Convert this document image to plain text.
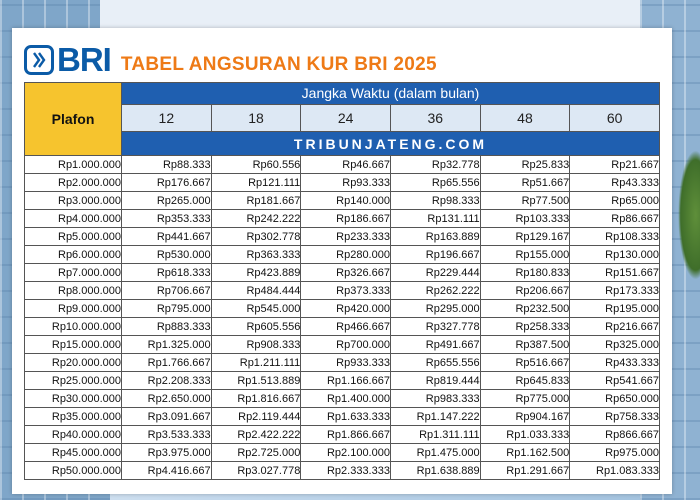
BRI TABEL ANGSURAN KUR BRI 2025
Plafon	Jangka Waktu (dalam bulan)					
	12	18	24	36	48	60
	TRIBUNJATENG.COM					
Rp1.000.000	Rp88.333	Rp60.556	Rp46.667	Rp32.778	Rp25.833	Rp21.667
Rp2.000.000	Rp176.667	Rp121.111	Rp93.333	Rp65.556	Rp51.667	Rp43.333
Rp3.000.000	Rp265.000	Rp181.667	Rp140.000	Rp98.333	Rp77.500	Rp65.000
Rp4.000.000	Rp353.333	Rp242.222	Rp186.667	Rp131.111	Rp103.333	Rp86.667
Rp5.000.000	Rp441.667	Rp302.778	Rp233.333	Rp163.889	Rp129.167	Rp108.333
Rp6.000.000	Rp530.000	Rp363.333	Rp280.000	Rp196.667	Rp155.000	Rp130.000
Rp7.000.000	Rp618.333	Rp423.889	Rp326.667	Rp229.444	Rp180.833	Rp151.667
Rp8.000.000	Rp706.667	Rp484.444	Rp373.333	Rp262.222	Rp206.667	Rp173.333
Rp9.000.000	Rp795.000	Rp545.000	Rp420.000	Rp295.000	Rp232.500	Rp195.000
Rp10.000.000	Rp883.333	Rp605.556	Rp466.667	Rp327.778	Rp258.333	Rp216.667
Rp15.000.000	Rp1.325.000	Rp908.333	Rp700.000	Rp491.667	Rp387.500	Rp325.000
Rp20.000.000	Rp1.766.667	Rp1.211.111	Rp933.333	Rp655.556	Rp516.667	Rp433.333
Rp25.000.000	Rp2.208.333	Rp1.513.889	Rp1.166.667	Rp819.444	Rp645.833	Rp541.667
Rp30.000.000	Rp2.650.000	Rp1.816.667	Rp1.400.000	Rp983.333	Rp775.000	Rp650.000
Rp35.000.000	Rp3.091.667	Rp2.119.444	Rp1.633.333	Rp1.147.222	Rp904.167	Rp758.333
Rp40.000.000	Rp3.533.333	Rp2.422.222	Rp1.866.667	Rp1.311.111	Rp1.033.333	Rp866.667
Rp45.000.000	Rp3.975.000	Rp2.725.000	Rp2.100.000	Rp1.475.000	Rp1.162.500	Rp975.000
Rp50.000.000	Rp4.416.667	Rp3.027.778	Rp2.333.333	Rp1.638.889	Rp1.291.667	Rp1.083.333
